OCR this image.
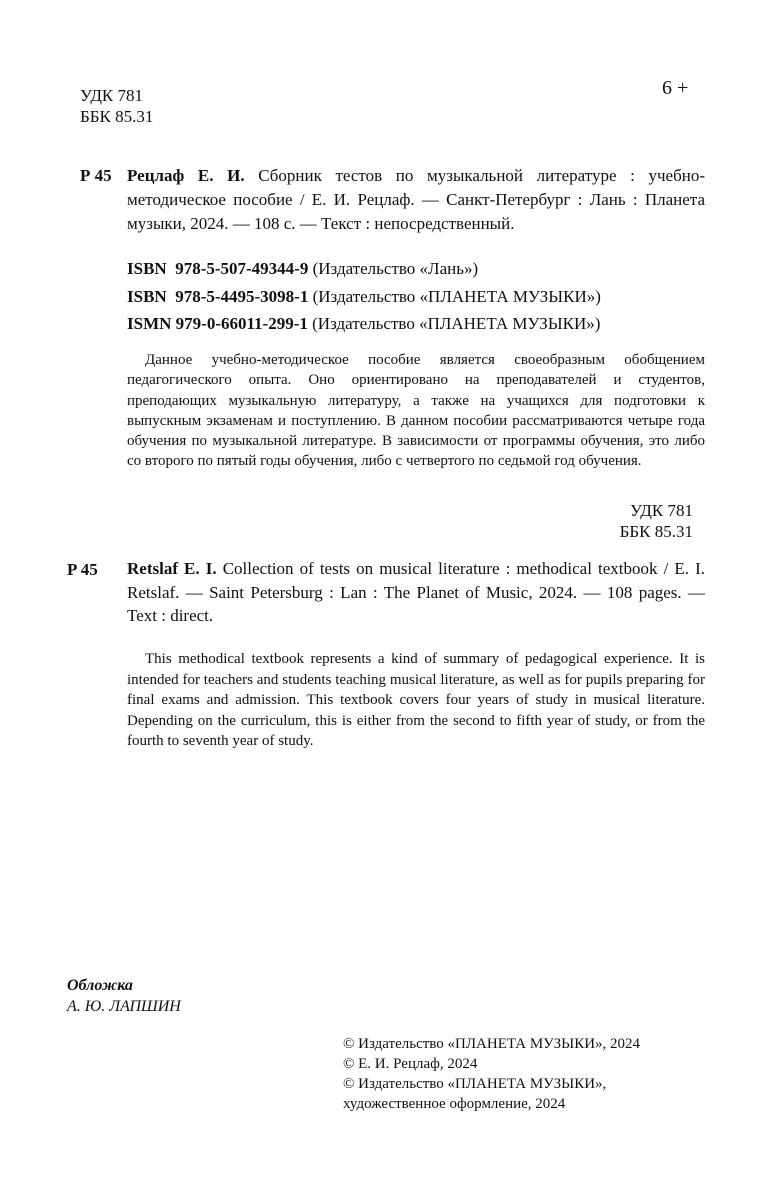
УДК 781
ББК 85.31
6 +
Р 45 Рецлаф Е. И. Сборник тестов по музыкальной литературе : учебно-методическое пособие / Е. И. Рецлаф. — Санкт-Петербург : Лань : Планета музыки, 2024. — 108 с. — Текст : непосредственный.
ISBN 978-5-507-49344-9 (Издательство «Лань»)
ISBN 978-5-4495-3098-1 (Издательство «ПЛАНЕТА МУЗЫКИ»)
ISMN 979-0-66011-299-1 (Издательство «ПЛАНЕТА МУЗЫКИ»)
Данное учебно-методическое пособие является своеобразным обобщением педагогического опыта. Оно ориентировано на преподавателей и студентов, преподающих музыкальную литературу, а также на учащихся для подготовки к выпускным экзаменам и поступлению. В данном пособии рассматриваются четыре года обучения по музыкальной литературе. В зависимости от программы обучения, это либо со второго по пятый годы обучения, либо с четвертого по седьмой год обучения.
УДК 781
ББК 85.31
P 45 Retslaf E. I. Collection of tests on musical literature : methodical textbook / E. I. Retslaf. — Saint Petersburg : Lan : The Planet of Music, 2024. — 108 pages. — Text : direct.
This methodical textbook represents a kind of summary of pedagogical experience. It is intended for teachers and students teaching musical literature, as well as for pupils preparing for final exams and admission. This textbook covers four years of study in musical literature. Depending on the curriculum, this is either from the second to fifth year of study, or from the fourth to seventh year of study.
Обложка
А. Ю. ЛАПШИН
© Издательство «ПЛАНЕТА МУЗЫКИ», 2024
© Е. И. Рецлаф, 2024
© Издательство «ПЛАНЕТА МУЗЫКИ»,
художественное оформление, 2024
